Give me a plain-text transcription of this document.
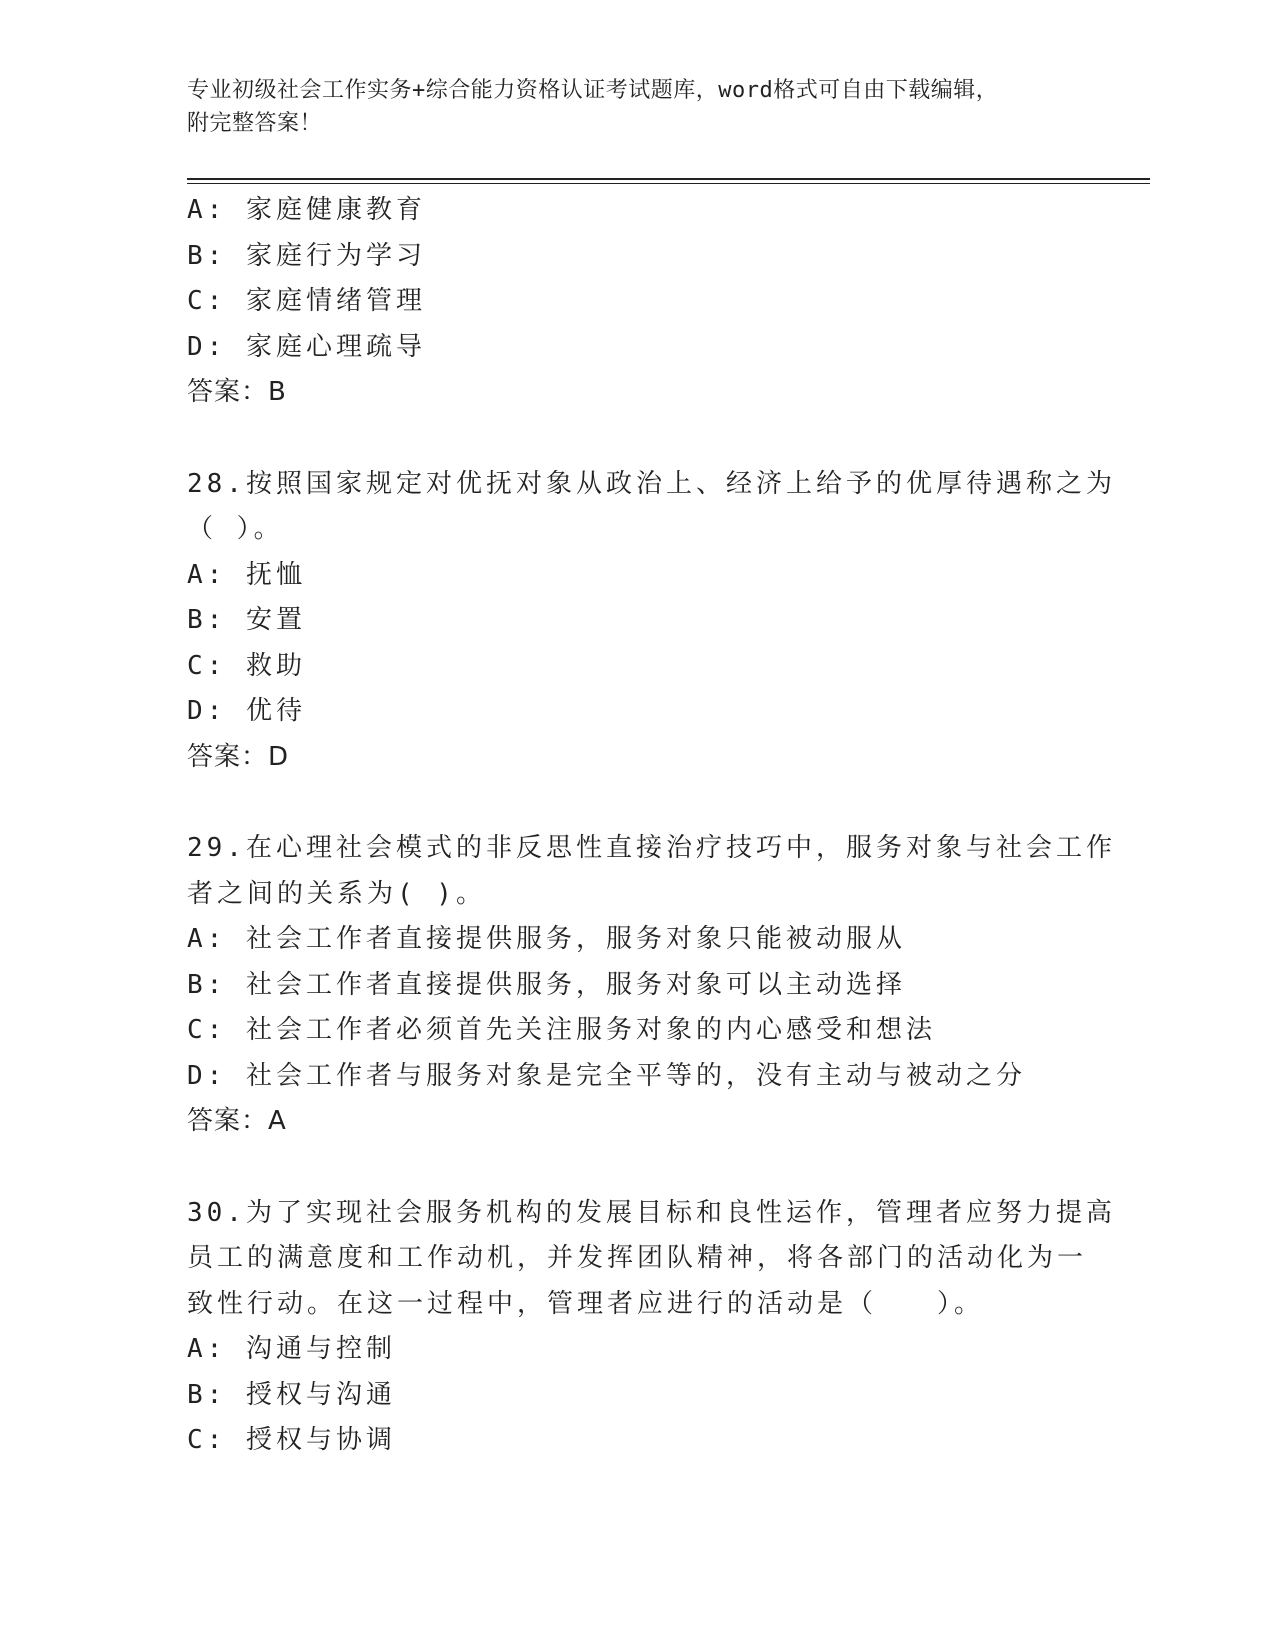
专业初级社会工作实务+综合能力资格认证考试题库，word格式可自由下载编辑，
附完整答案！
A: 家庭健康教育
B: 家庭行为学习
C: 家庭情绪管理
D: 家庭心理疏导
答案：B
28.按照国家规定对优抚对象从政治上、经济上给予的优厚待遇称之为
（ ）。
A: 抚恤
B: 安置
C: 救助
D: 优待
答案：D
29.在心理社会模式的非反思性直接治疗技巧中，服务对象与社会工作
者之间的关系为( )。
A: 社会工作者直接提供服务，服务对象只能被动服从
B: 社会工作者直接提供服务，服务对象可以主动选择
C: 社会工作者必须首先关注服务对象的内心感受和想法
D: 社会工作者与服务对象是完全平等的，没有主动与被动之分
答案：A
30.为了实现社会服务机构的发展目标和良性运作，管理者应努力提高
员工的满意度和工作动机，并发挥团队精神，将各部门的活动化为一
致性行动。在这一过程中，管理者应进行的活动是（　　）。
A: 沟通与控制
B: 授权与沟通
C: 授权与协调
